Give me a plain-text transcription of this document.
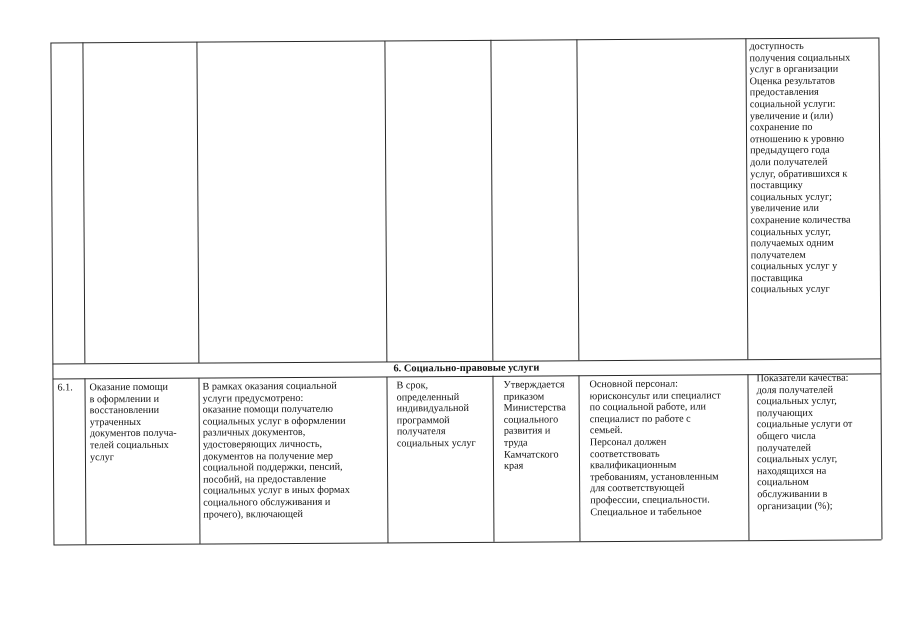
доступность
получения социальных
услуг в организации
Оценка результатов
предоставления
социальной услуги:
увеличение и (или)
сохранение по
отношению к уровню
предыдущего года
доли получателей
услуг, обратившихся к
поставщику
социальных услуг;
увеличение или
сохранение количества
социальных услуг,
получаемых одним
получателем
социальных услуг у
поставщика
социальных услуг
6. Социально-правовые услуги
6.1.	Оказание помощи
в оформлении и
восстановлении
утраченных
документов получа-
телей социальных
услуг
В рамках оказания социальной
услуги предусмотрено:
оказание помощи получателю
социальных услуг в оформлении
различных документов,
удостоверяющих личность,
документов на получение мер
социальной поддержки, пенсий,
пособий, на предоставление
социальных услуг в иных формах
социального обслуживания и
прочего), включающей
В срок,
определенный
индивидуальной
программой
получателя
социальных услуг
Утверждается
приказом
Министерства
социального
развития и
труда
Камчатского
края
Основной персонал:
юрисконсульт или специалист
по социальной работе, или
специалист по работе с
семьей.
Персонал должен
соответствовать
квалификационным
требованиям, установленным
для соответствующей
профессии, специальности.
Специальное и табельное
Показатели качества:
доля получателей
социальных услуг,
получающих
социальные услуги от
общего числа
получателей
социальных услуг,
находящихся на
социальном
обслуживании в
организации (%);
